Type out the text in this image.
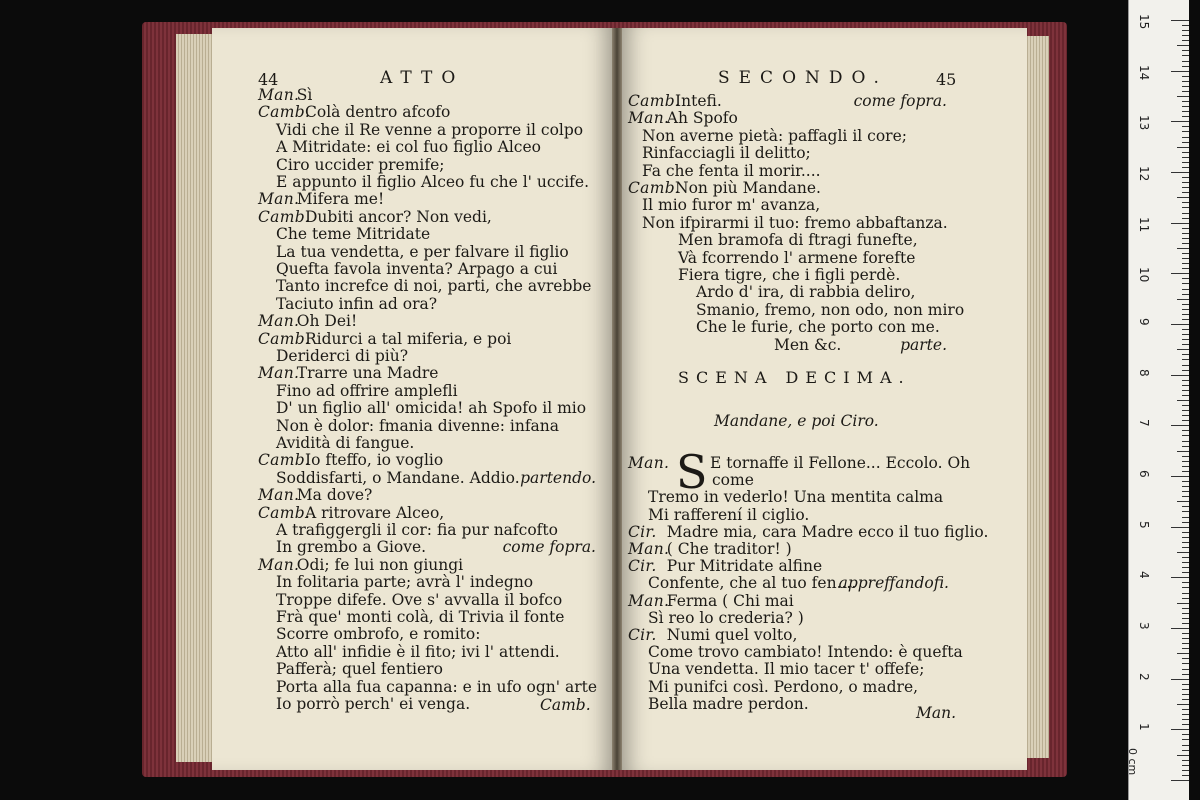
44	ATTO
Man.
Sì
Camb.
Colà dentro afcofo
Vidi che il Re venne a proporre il colpo
A Mitridate: ei col fuo figlio Alceo
Ciro uccider premife;
E appunto il figlio Alceo fu che l' uccife.
Man.
Mifera me!
Camb.
Dubiti ancor? Non vedi,
Che teme Mitridate
La tua vendetta, e per falvare il figlio
Quefta favola inventa? Arpago a cui
Tanto increfce di noi, parti, che avrebbe
Taciuto infin ad ora?
Man.
Oh Dei!
Camb.
Ridurci a tal miferia, e poi
Deriderci di più?
Man.
Trarre una Madre
Fino ad offrire amplefli
D' un figlio all' omicida! ah Spofo il mio
Non è dolor: fmania divenne: infana
Avidità di fangue.
Camb.
Io fteffo, io voglio
Soddisfarti, o Mandane. Addio. partendo.
Man.
Ma dove?
Camb.
A ritrovare Alceo,
A trafiggergli il cor: fia pur nafcofto
In grembo a Giove.	come fopra.
Man.
Odi; fe lui non giungi
In folitaria parte; avrà l' indegno
Troppe difefe. Ove s' avvalla il bofco
Frà que' monti colà, di Trivia il fonte
Scorre ombrofo, e romito:
Atto all' infidie è il fito; ivi l' attendi.
Pafferà; quel fentiero
Porta alla fua capanna: e in ufo ogn' arte
Io porrò perch' ei venga.	Camb.
SECONDO.	45
Camb.
Intefi.	come fopra.
Man.
Ah Spofo
Non averne pietà: paffagli il core;
Rinfacciagli il delitto;
Fa che fenta il morir....
Camb.
Non più Mandane.
Il mio furor m' avanza,
Non ifpirarmi il tuo: fremo abbaftanza.
Men bramofa di ftragi funefte,
Và fcorrendo l' armene forefte
Fiera tigre, che i figli perdè.
Ardo d' ira, di rabbia deliro,
Smanio, fremo, non odo, non miro
Che le furie, che porto con me.
Men &c.	parte.
SCENA DECIMA.
Mandane, e poi Ciro.
S
Man.	E tornaffe il Fellone... Eccolo. Oh
come
Tremo in vederlo! Una mentita calma
Mi rafferení il ciglio.
Cir. Madre mia, cara Madre ecco il tuo figlio.
Man.
( Che traditor! )
Cir. Pur Mitridate alfine
Confente, che al tuo fen....
appreffandofi.
Man.
Ferma ( Chi mai
Sì reo lo crederia? )
Cir. Numi quel volto,
Come trovo cambiato! Intendo: è quefta
Una vendetta. Il mio tacer t' offefe;
Mi punifci così. Perdono, o madre,
Bella madre perdon.
Man.
15
14
13
12
11
10
9
8
7
6
5
4
3
2
1
0 cm
